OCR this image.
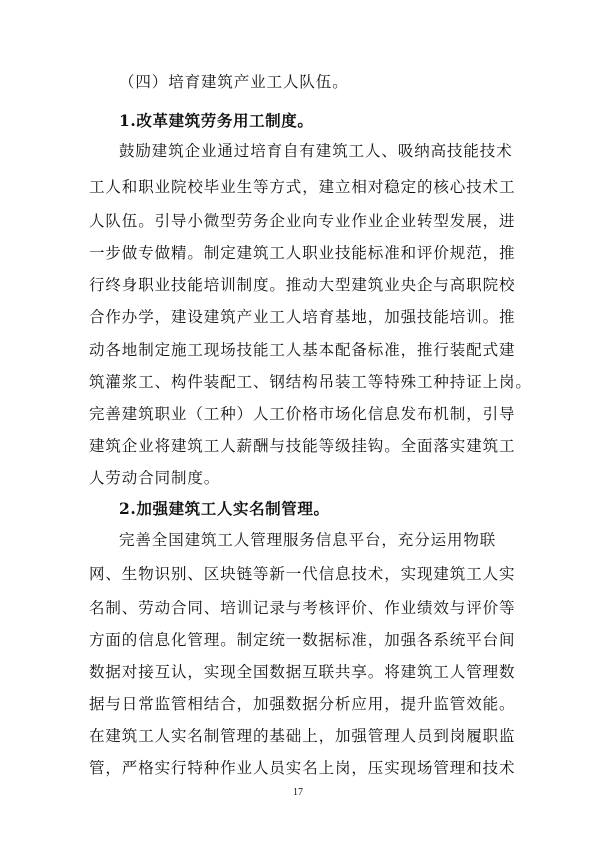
（四）培育建筑产业工人队伍。
1.改革建筑劳务用工制度。
鼓励建筑企业通过培育自有建筑工人、吸纳高技能技术
工人和职业院校毕业生等方式，建立相对稳定的核心技术工
人队伍。引导小微型劳务企业向专业作业企业转型发展，进
一步做专做精。制定建筑工人职业技能标准和评价规范，推
行终身职业技能培训制度。推动大型建筑业央企与高职院校
合作办学，建设建筑产业工人培育基地，加强技能培训。推
动各地制定施工现场技能工人基本配备标准，推行装配式建
筑灌浆工、构件装配工、钢结构吊装工等特殊工种持证上岗。
完善建筑职业（工种）人工价格市场化信息发布机制，引导
建筑企业将建筑工人薪酬与技能等级挂钩。全面落实建筑工
人劳动合同制度。
2.加强建筑工人实名制管理。
完善全国建筑工人管理服务信息平台，充分运用物联
网、生物识别、区块链等新一代信息技术，实现建筑工人实
名制、劳动合同、培训记录与考核评价、作业绩效与评价等
方面的信息化管理。制定统一数据标准，加强各系统平台间
数据对接互认，实现全国数据互联共享。将建筑工人管理数
据与日常监管相结合，加强数据分析应用，提升监管效能。
在建筑工人实名制管理的基础上，加强管理人员到岗履职监
管，严格实行特种作业人员实名上岗，压实现场管理和技术
17
